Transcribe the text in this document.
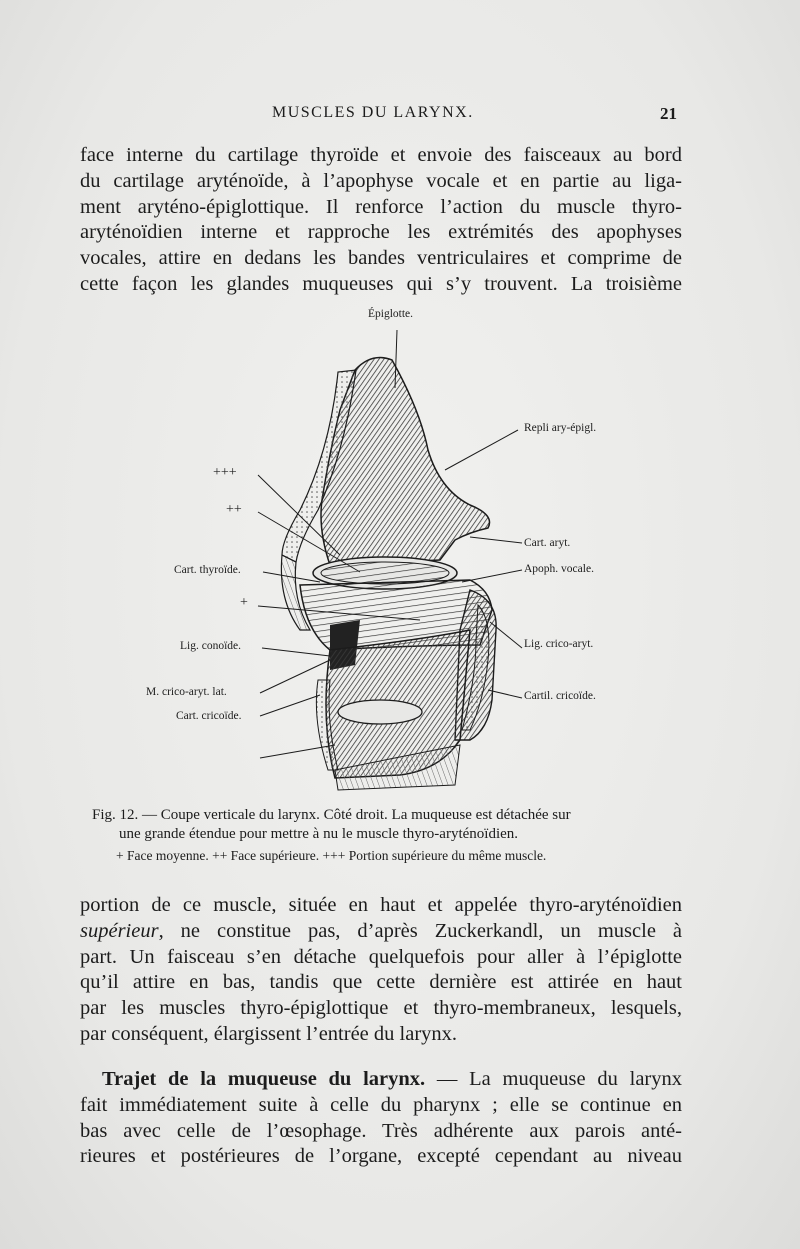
MUSCLES DU LARYNX.	21
face interne du cartilage thyroïde et envoie des faisceaux au bord
du cartilage aryténoïde, à l’apophyse vocale et en partie au liga-
ment aryténo-épiglottique. Il renforce l’action du muscle thyro-
aryténoïdien interne et rapproche les extrémités des apophyses
vocales, attire en dedans les bandes ventriculaires et comprime de
cette façon les glandes muqueuses qui s’y trouvent. La troisième
Épiglotte.
Repli ary-épigl.
+++
++
Cart. aryt.
Cart. thyroïde.	Apoph. vocale.
+
Lig. conoïde.	Lig. crico-aryt.
M. crico-aryt. lat.	Cartil. cricoïde.
Cart. cricoïde.
Fig. 12. — Coupe verticale du larynx. Côté droit. La muqueuse est détachée sur
une grande étendue pour mettre à nu le muscle thyro-aryténoïdien.
+ Face moyenne. ++ Face supérieure. +++ Portion supérieure du même muscle.
portion de ce muscle, située en haut et appelée thyro-aryténoïdien
supérieur, ne constitue pas, d’après Zuckerkandl, un muscle à
part. Un faisceau s’en détache quelquefois pour aller à l’épiglotte
qu’il attire en bas, tandis que cette dernière est attirée en haut
par les muscles thyro-épiglottique et thyro-membraneux, lesquels,
par conséquent, élargissent l’entrée du larynx.
Trajet de la muqueuse du larynx. — La muqueuse du larynx
fait immédiatement suite à celle du pharynx ; elle se continue en
bas avec celle de l’œsophage. Très adhérente aux parois anté-
rieures et postérieures de l’organe, excepté cependant au niveau
